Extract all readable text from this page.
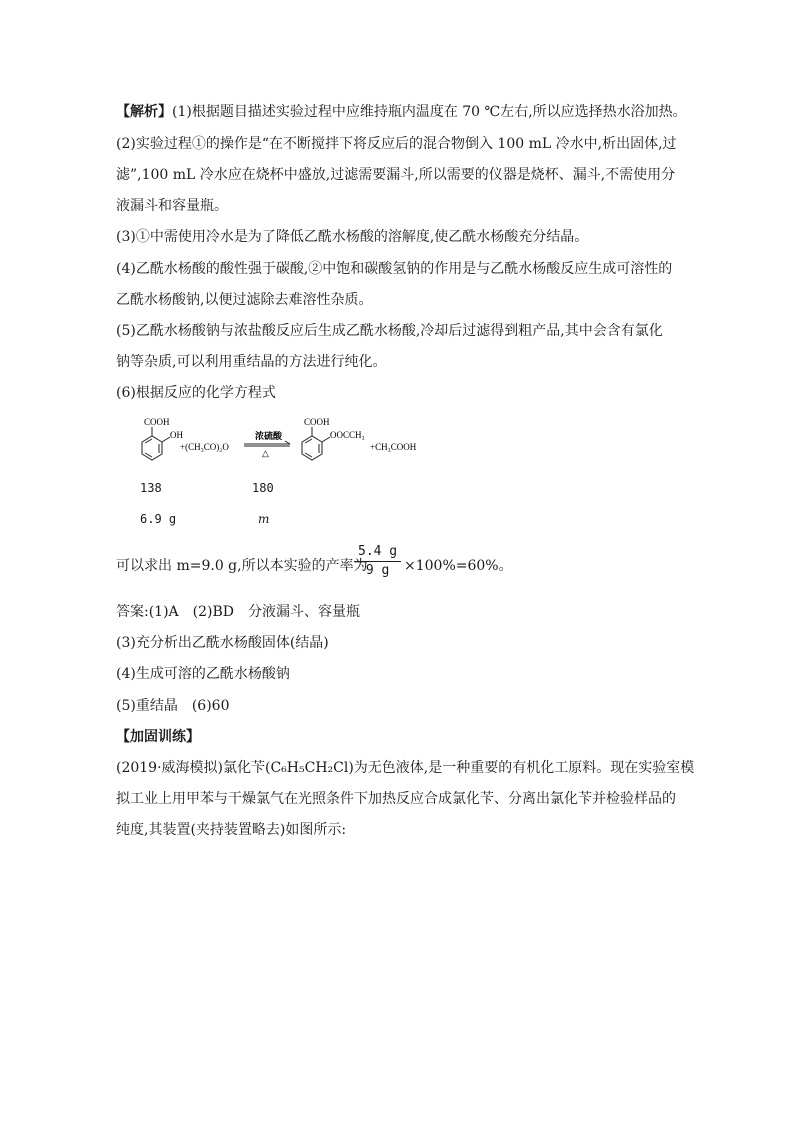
【解析】(1)根据题目描述实验过程中应维持瓶内温度在 70 ℃左右,所以应选择热水浴加热。
(2)实验过程①的操作是“在不断搅拌下将反应后的混合物倒入 100 mL 冷水中,析出固体,过
滤”,100 mL 冷水应在烧杯中盛放,过滤需要漏斗,所以需要的仪器是烧杯、漏斗,不需使用分
液漏斗和容量瓶。
(3)①中需使用冷水是为了降低乙酰水杨酸的溶解度,使乙酰水杨酸充分结晶。
(4)乙酰水杨酸的酸性强于碳酸,②中饱和碳酸氢钠的作用是与乙酰水杨酸反应生成可溶性的
乙酰水杨酸钠,以便过滤除去难溶性杂质。
(5)乙酰水杨酸钠与浓盐酸反应后生成乙酰水杨酸,冷却后过滤得到粗产品,其中会含有氯化
钠等杂质,可以利用重结晶的方法进行纯化。
(6)根据反应的化学方程式
COOH
OH
+(CH₃CO)₂O
浓硫酸
△
COOH
OOCCH₃
+CH₃COOH
138	180
6.9 g	m
可以求出 m=9.0 g,所以本实验的产率为
$\frac{5.4 g}{9 g} \times 100\%=60\%$。
答案:(1)A　(2)BD　分液漏斗、容量瓶
(3)充分析出乙酰水杨酸固体(结晶)
(4)生成可溶的乙酰水杨酸钠
(5)重结晶　(6)60
【加固训练】
(2019·威海模拟)氯化苄(C₆H₅CH₂Cl)为无色液体,是一种重要的有机化工原料。现在实验室模
拟工业上用甲苯与干燥氯气在光照条件下加热反应合成氯化苄、分离出氯化苄并检验样品的
纯度,其装置(夹持装置略去)如图所示:
